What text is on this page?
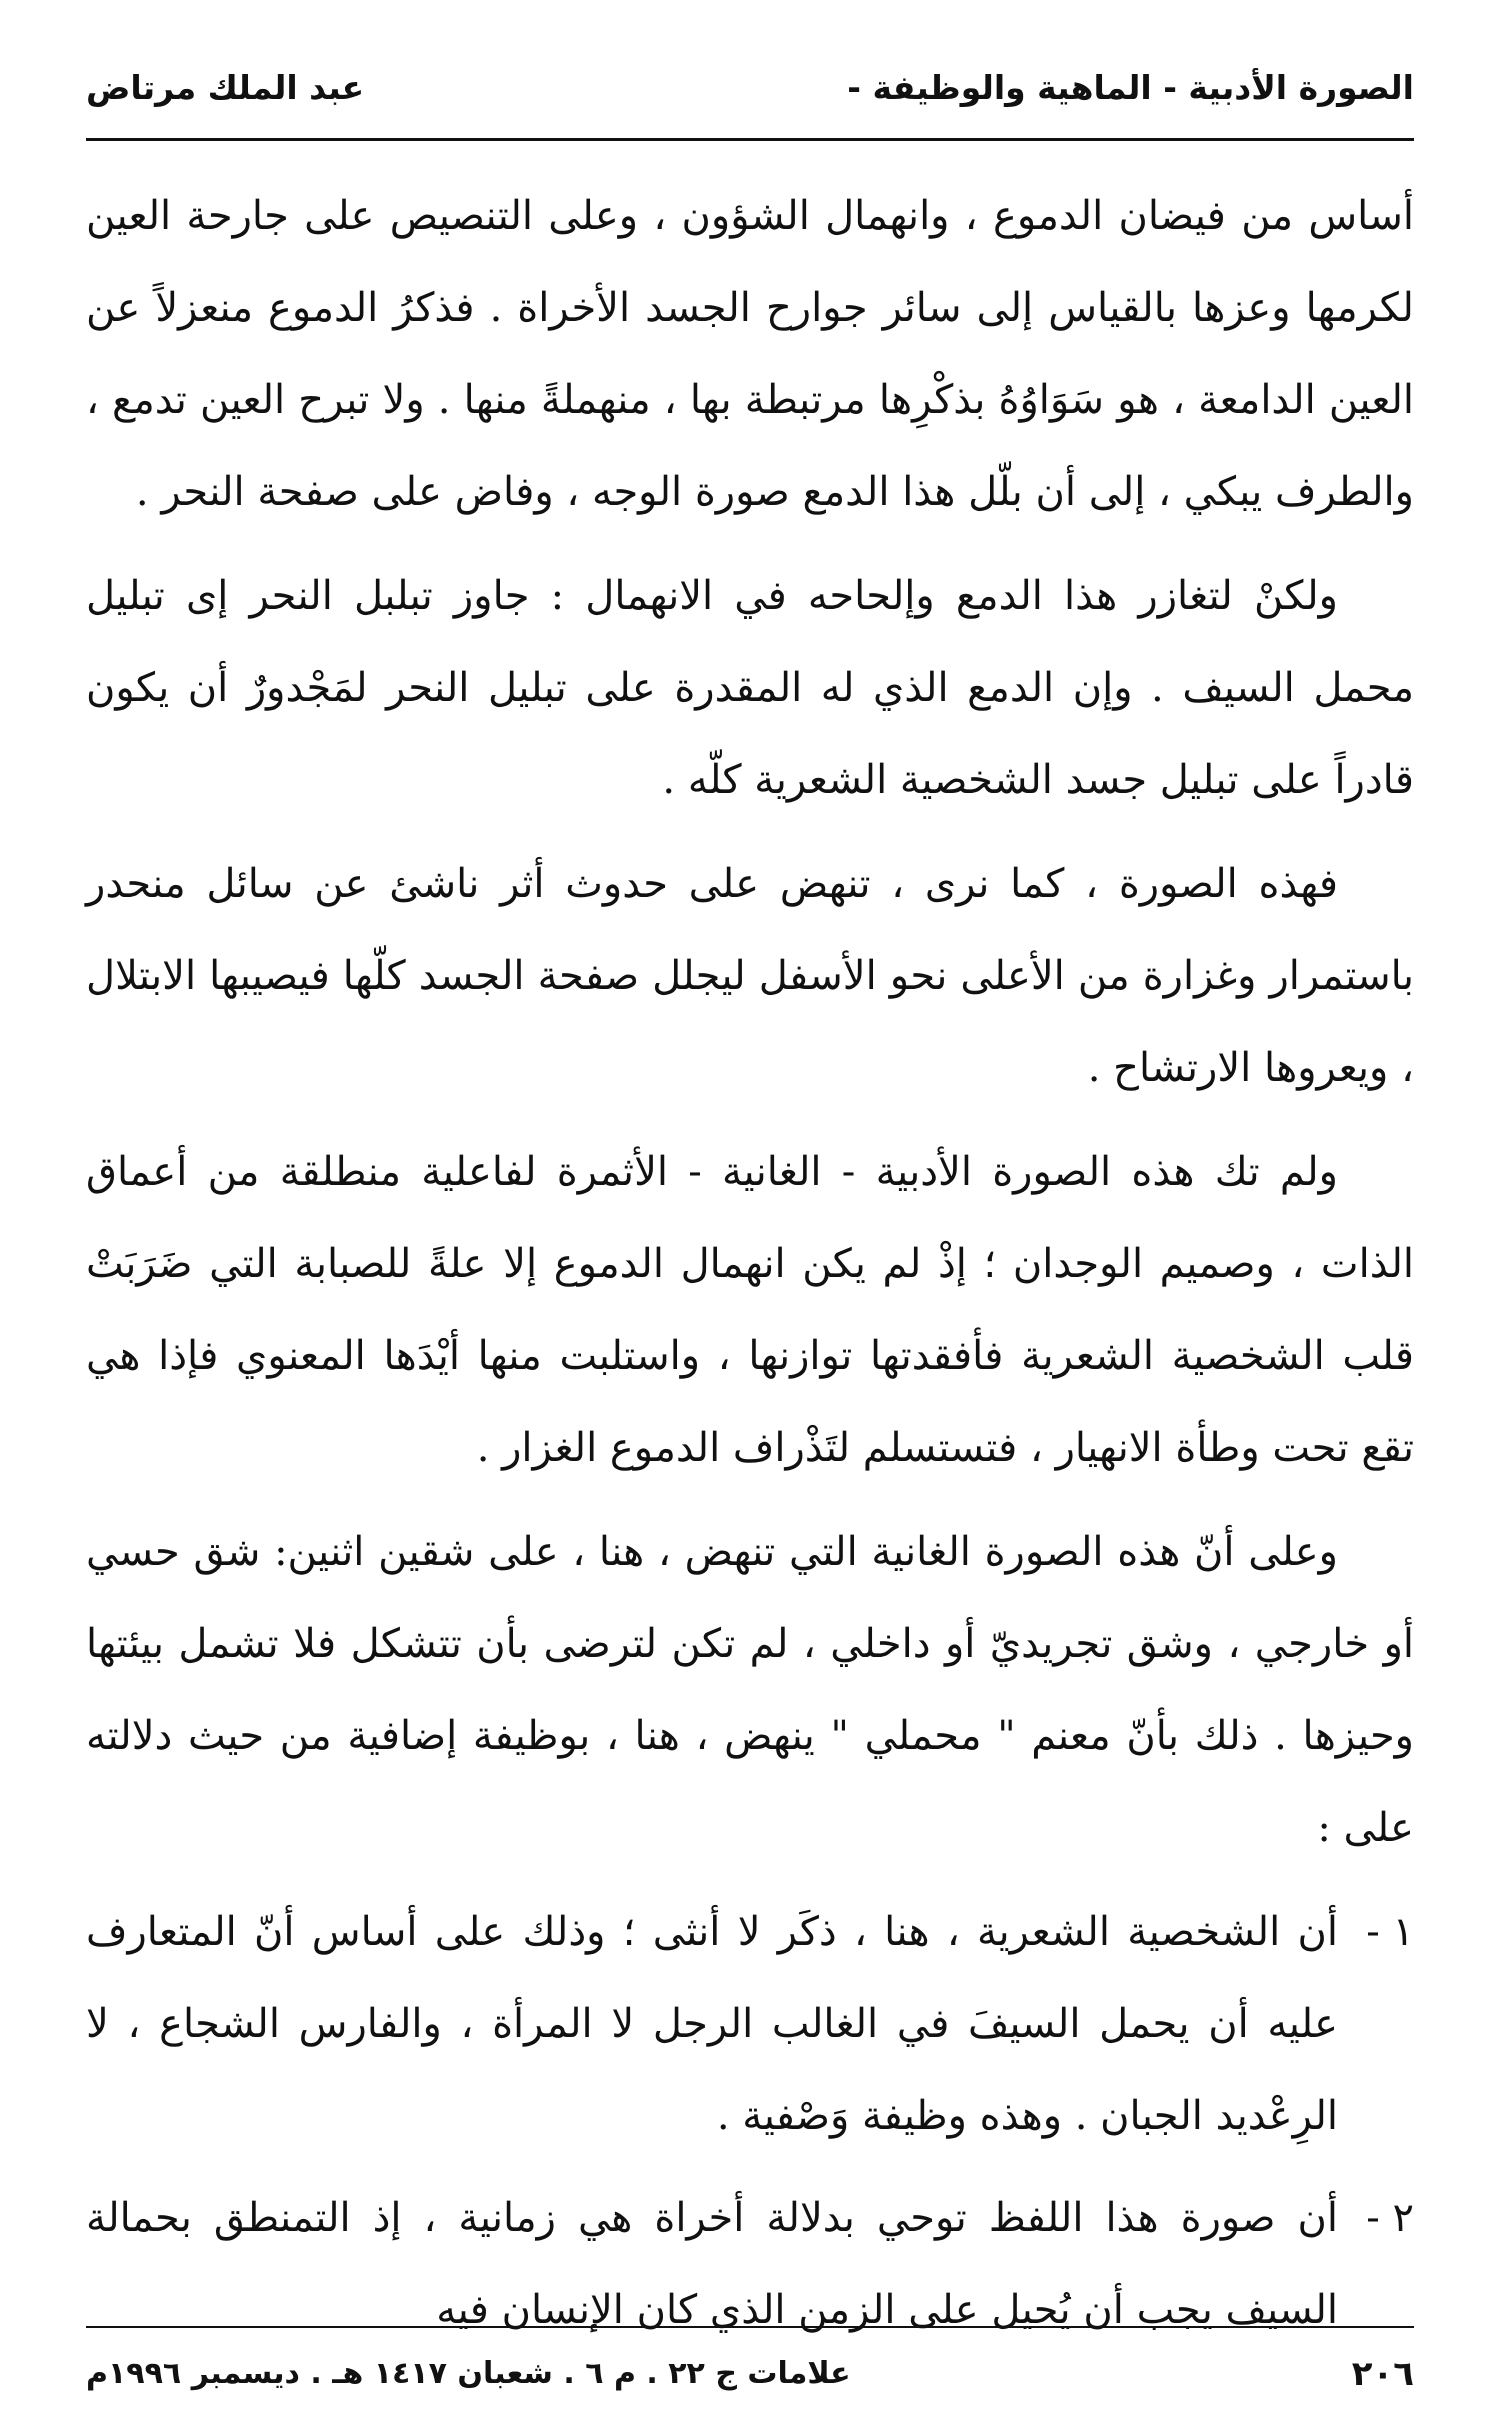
الصورة الأدبية - الماهية والوظيفة -
عبد الملك مرتاض

أساس من فيضان الدموع ، وانهمال الشؤون ، وعلى التنصيص على جارحة العين لكرمها وعزها بالقياس إلى سائر جوارح الجسد الأخراة . فذكرُ الدموع منعزلاً عن العين الدامعة ، هو سَوَاوُهُ بذكْرِها مرتبطة بها ، منهملةً منها . ولا تبرح العين تدمع ، والطرف يبكي ، إلى أن بلّل هذا الدمع صورة الوجه ، وفاض على صفحة النحر .

ولكنْ لتغازر هذا الدمع وإلحاحه في الانهمال : جاوز تبلبل النحر إى تبليل محمل السيف . وإن الدمع الذي له المقدرة على تبليل النحر لمَجْدورٌ أن يكون قادراً على تبليل جسد الشخصية الشعرية كلّه .

فهذه الصورة ، كما نرى ، تنهض على حدوث أثر ناشئ عن سائل منحدر باستمرار وغزارة من الأعلى نحو الأسفل ليجلل صفحة الجسد كلّها فيصيبها الابتلال ، ويعروها الارتشاح .

ولم تك هذه الصورة الأدبية - الغانية - الأثمرة لفاعلية منطلقة من أعماق الذات ، وصميم الوجدان ؛ إذْ لم يكن انهمال الدموع إلا علةً للصبابة التي ضَرَبَتْ قلب الشخصية الشعرية فأفقدتها توازنها ، واستلبت منها أيْدَها المعنوي فإذا هي تقع تحت وطأة الانهيار ، فتستسلم لتَذْراف الدموع الغزار .

وعلى أنّ هذه الصورة الغانية التي تنهض ، هنا ، على شقين اثنين: شق حسي أو خارجي ، وشق تجريديّ أو داخلي ، لم تكن لترضى بأن تتشكل فلا تشمل بيئتها وحيزها . ذلك بأنّ معنم " محملي " ينهض ، هنا ، بوظيفة إضافية من حيث دلالته على :

١ -
أن الشخصية الشعرية ، هنا ، ذكَر لا أنثى ؛ وذلك على أساس أنّ المتعارف عليه أن يحمل السيفَ في الغالب الرجل لا المرأة ، والفارس الشجاع ، لا الرِعْديد الجبان . وهذه وظيفة وَصْفية .
٢ -
أن صورة هذا اللفظ توحي بدلالة أخراة هي زمانية ، إذ التمنطق بحمالة السيف يجب أن يُحيل على الزمن الذي كان الإنسان فيه
٢٠٦
علامات ج ٢٢ . م ٦ . شعبان ١٤١٧ هـ . ديسمبر ١٩٩٦م
